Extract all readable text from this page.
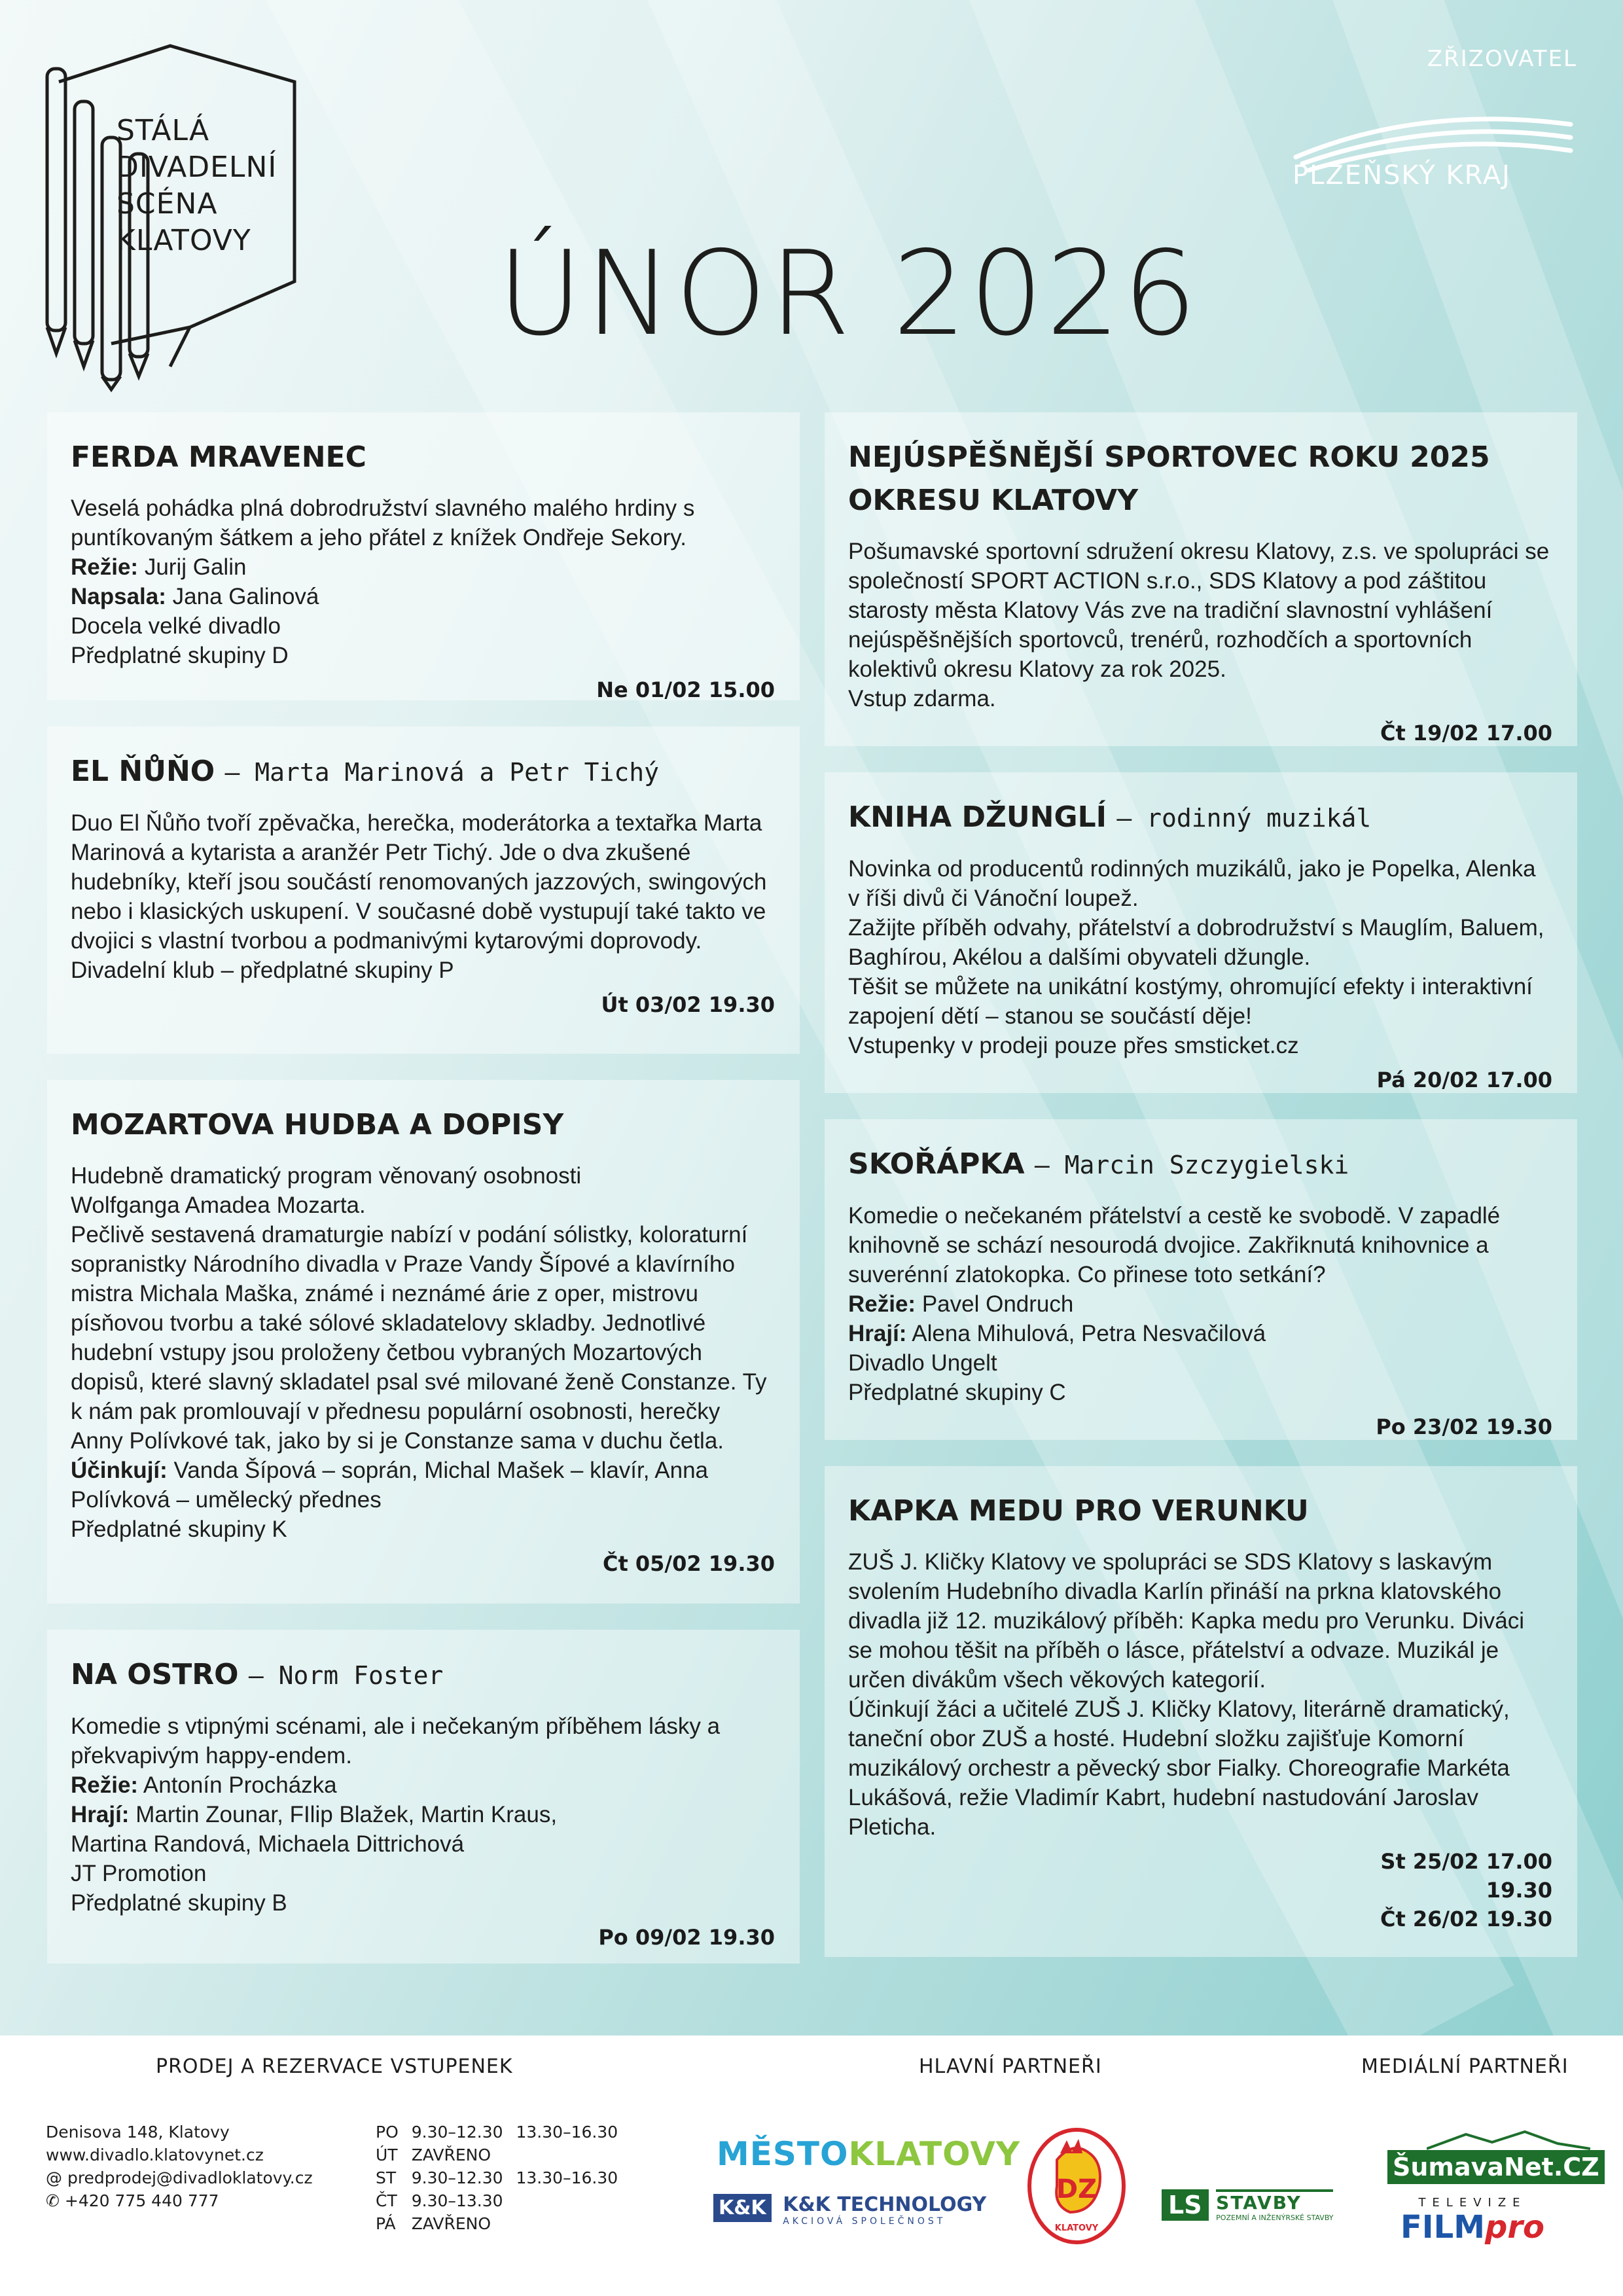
STÁLÁ
DIVADELNÍ
SCÉNA
KLATOVY
ZŘIZOVATEL
PLZEŇSKÝ KRAJ
ÚNOR 2026
FERDA MRAVENEC

Veselá pohádka plná dobrodružství slavného malého hrdiny s puntíkovaným šátkem a jeho přátel z knížek Ondřeje Sekory.

Režie: Jurij Galin

Napsala: Jana Galinová

Docela velké divadlo

Předplatné skupiny D

Ne 01/02 15.00
EL ŇŮŇO – Marta Marinová a Petr Tichý

Duo El Ňůňo tvoří zpěvačka, herečka, moderátorka a textařka Marta Marinová a kytarista a aranžér Petr Tichý. Jde o dva zkušené hudebníky, kteří jsou součástí renomovaných jazzových, swingových nebo i klasických uskupení. V současné době vystupují také takto ve dvojici s vlastní tvorbou a podmanivými kytarovými doprovody.

Divadelní klub – předplatné skupiny P

Út 03/02 19.30
MOZARTOVA HUDBA A DOPISY

Hudebně dramatický program věnovaný osobnosti Wolfganga Amadea Mozarta.

Pečlivě sestavená dramaturgie nabízí v podání sólistky, koloraturní sopranistky Národního divadla v Praze Vandy Šípové a klavírního mistra Michala Maška, známé i neznámé árie z oper, mistrovu písňovou tvorbu a také sólové skladatelovy skladby. Jednotlivé hudební vstupy jsou proloženy četbou vybraných Mozartových dopisů, které slavný skladatel psal své milované ženě Constanze. Ty k nám pak promlouvají v přednesu populární osobnosti, herečky Anny Polívkové tak, jako by si je Constanze sama v duchu četla.

Účinkují: Vanda Šípová – soprán, Michal Mašek – klavír, Anna Polívková – umělecký přednes

Předplatné skupiny K

Čt 05/02 19.30
NA OSTRO – Norm Foster

Komedie s vtipnými scénami, ale i nečekaným příběhem lásky a překvapivým happy-endem.

Režie: Antonín Procházka

Hrají: Martin Zounar, FIlip Blažek, Martin Kraus, Martina Randová, Michaela Dittrichová

JT Promotion

Předplatné skupiny B

Po 09/02 19.30
NEJÚSPĚŠNĚJŠÍ SPORTOVEC ROKU 2025 OKRESU KLATOVY

Pošumavské sportovní sdružení okresu Klatovy, z.s. ve spolupráci se společností SPORT ACTION s.r.o., SDS Klatovy a pod záštitou starosty města Klatovy Vás zve na tradiční slavnostní vyhlášení nejúspěšnějších sportovců, trenérů, rozhodčích a sportovních kolektivů okresu Klatovy za rok 2025.

Vstup zdarma.

Čt 19/02 17.00
KNIHA DŽUNGLÍ – rodinný muzikál

Novinka od producentů rodinných muzikálů, jako je Popelka, Alenka v říši divů či Vánoční loupež.

Zažijte příběh odvahy, přátelství a dobrodružství s Mauglím, Baluem, Baghírou, Akélou a dalšími obyvateli džungle.

Těšit se můžete na unikátní kostýmy, ohromující efekty i interaktivní zapojení dětí – stanou se součástí děje!

Vstupenky v prodeji pouze přes smsticket.cz

Pá 20/02 17.00
SKOŘÁPKA – Marcin Szczygielski

Komedie o nečekaném přátelství a cestě ke svobodě. V zapadlé knihovně se schází nesourodá dvojice. Zakřiknutá knihovnice a suverénní zlatokopka. Co přinese toto setkání?

Režie: Pavel Ondruch

Hrají: Alena Mihulová, Petra Nesvačilová

Divadlo Ungelt

Předplatné skupiny C

Po 23/02 19.30
KAPKA MEDU PRO VERUNKU

ZUŠ J. Kličky Klatovy ve spolupráci se SDS Klatovy s laskavým svolením Hudebního divadla Karlín přináší na prkna klatovského divadla již 12. muzikálový příběh: Kapka medu pro Verunku. Diváci se mohou těšit na příběh o lásce, přátelství a odvaze. Muzikál je určen divákům všech věkových kategorií.

Účinkují žáci a učitelé ZUŠ J. Kličky Klatovy, literárně dramatický, taneční obor ZUŠ a hosté. Hudební složku zajišťuje Komorní muzikálový orchestr a pěvecký sbor Fialky. Choreografie Markéta Lukášová, režie Vladimír Kabrt, hudební nastudování Jaroslav Pleticha.

St 25/02 17.00
19.30
Čt 26/02 19.30
PRODEJ A REZERVACE VSTUPENEK	HLAVNÍ PARTNEŘI	MEDIÁLNÍ PARTNEŘI
Denisova 148, Klatovy
www.divadlo.klatovynet.cz
@ predprodej@divadloklatovy.cz
✆ +420 775 440 777
PO	9.30–12.30	13.30–16.30
ÚT	ZAVŘENO	
ST	9.30–12.30	13.30–16.30
ČT	9.30–13.30	
PÁ	ZAVŘENO	
MĚSTOKLATOVY
K&K K&K TECHNOLOGY
AKCIOVÁ SPOLEČNOST
DZ
KLATOVY
LS STAVBY
POZEMNÍ A INŽENÝRSKÉ STAVBY
ŠumavaNet.CZ
TELEVIZE
FILMpro
